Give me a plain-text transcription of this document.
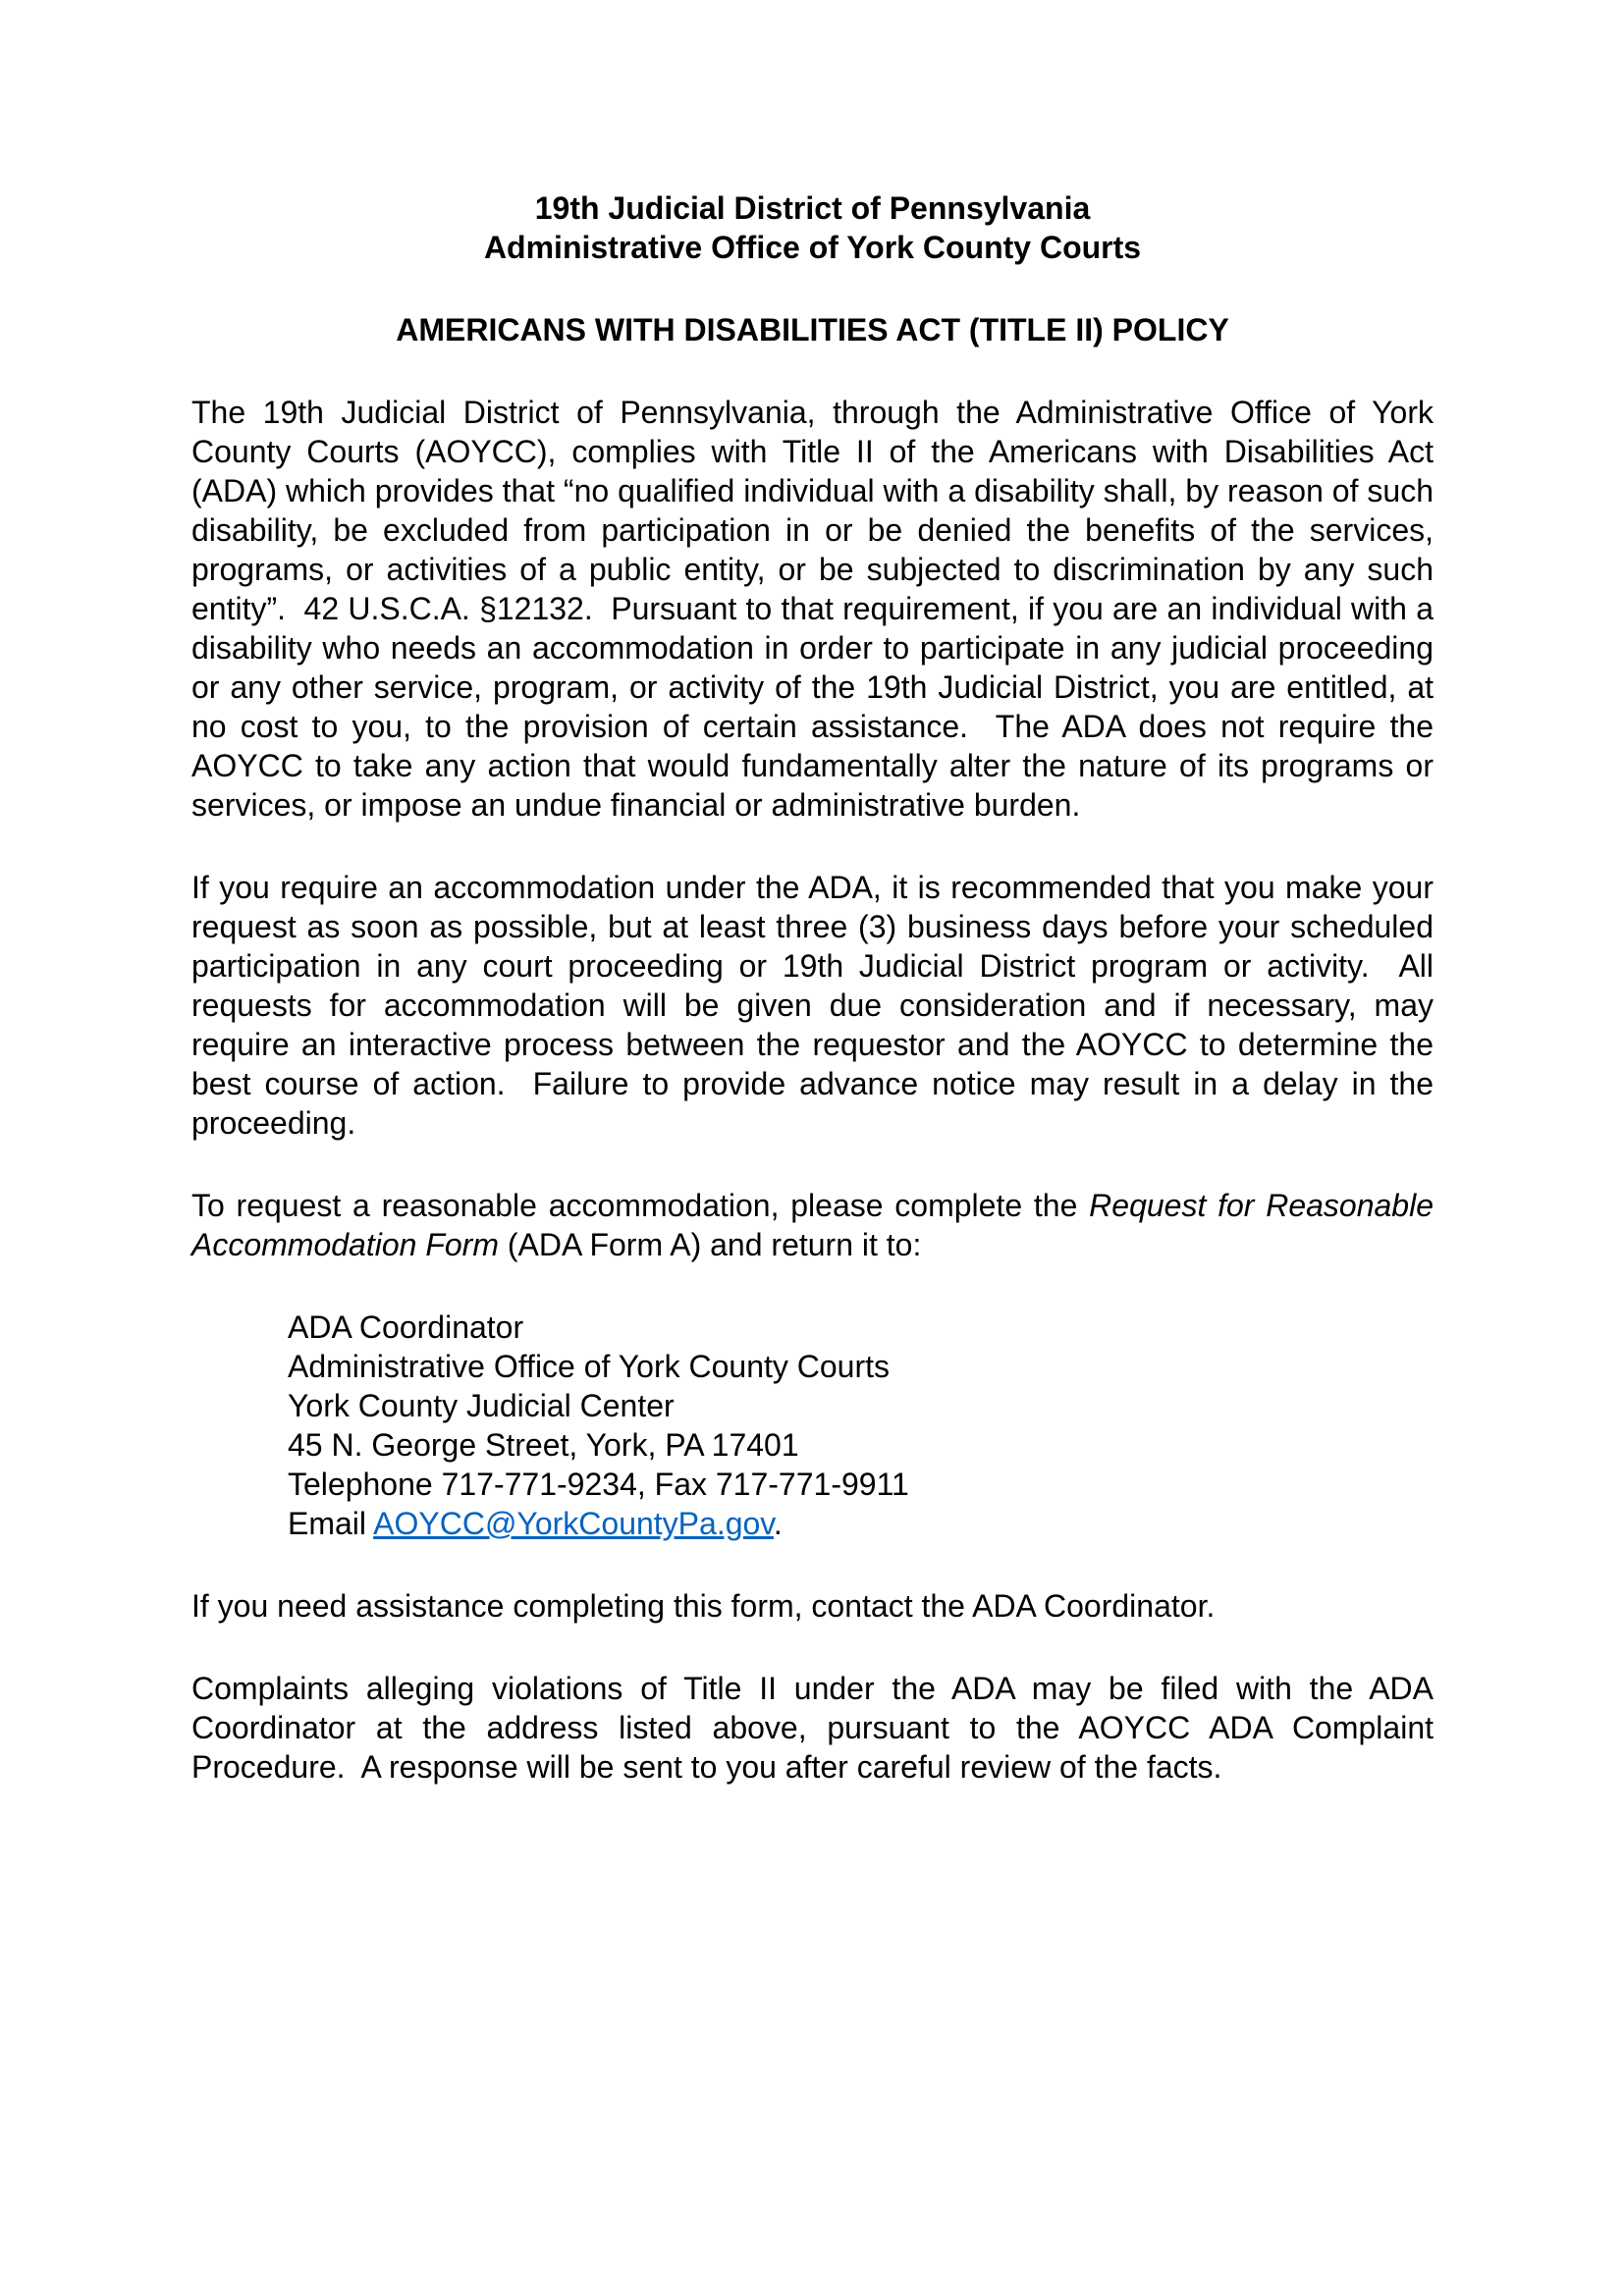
19th Judicial District of Pennsylvania
Administrative Office of York County Courts
AMERICANS WITH DISABILITIES ACT (TITLE II) POLICY

The 19th Judicial District of Pennsylvania, through the Administrative Office of York County Courts (AOYCC), complies with Title II of the Americans with Disabilities Act (ADA) which provides that “no qualified individual with a disability shall, by reason of such disability, be excluded from participation in or be denied the benefits of the services, programs, or activities of a public entity, or be subjected to discrimination by any such entity”.  42 U.S.C.A. §12132.  Pursuant to that requirement, if you are an individual with a disability who needs an accommodation in order to participate in any judicial proceeding or any other service, program, or activity of the 19th Judicial District, you are entitled, at no cost to you, to the provision of certain assistance.  The ADA does not require the AOYCC to take any action that would fundamentally alter the nature of its programs or services, or impose an undue financial or administrative burden.

If you require an accommodation under the ADA, it is recommended that you make your request as soon as possible, but at least three (3) business days before your scheduled participation in any court proceeding or 19th Judicial District program or activity.  All requests for accommodation will be given due consideration and if necessary, may require an interactive process between the requestor and the AOYCC to determine the best course of action.  Failure to provide advance notice may result in a delay in the proceeding.

To request a reasonable accommodation, please complete the Request for Reasonable Accommodation Form (ADA Form A) and return it to:

ADA Coordinator
Administrative Office of York County Courts
York County Judicial Center
45 N. George Street, York, PA 17401
Telephone 717-771-9234, Fax 717-771-9911
Email AOYCC@YorkCountyPa.gov.

If you need assistance completing this form, contact the ADA Coordinator.

Complaints alleging violations of Title II under the ADA may be filed with the ADA Coordinator at the address listed above, pursuant to the AOYCC ADA Complaint Procedure.  A response will be sent to you after careful review of the facts.
